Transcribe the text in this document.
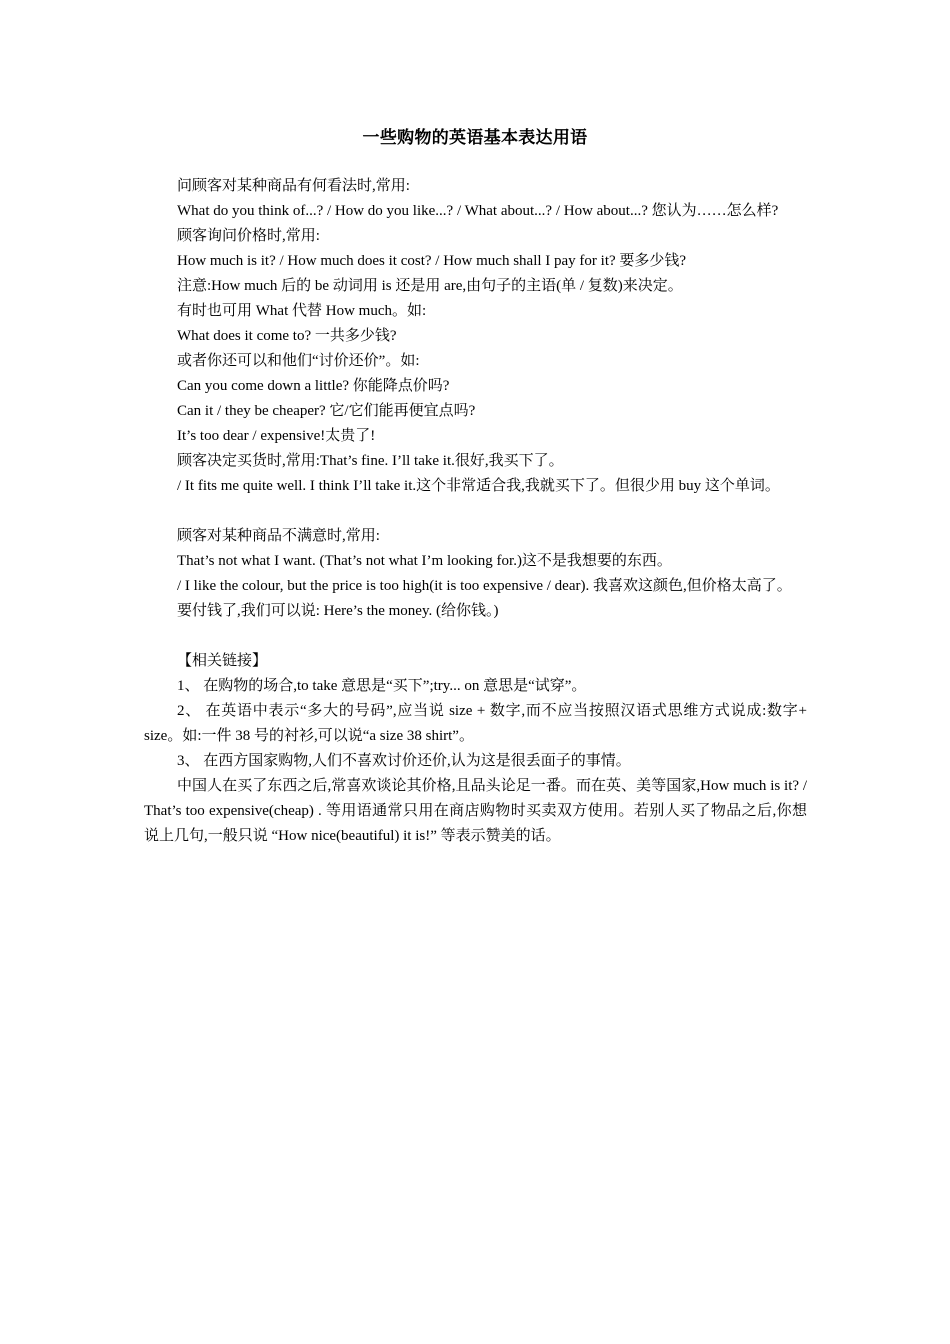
一些购物的英语基本表达用语

问顾客对某种商品有何看法时,常用:

What do you think of...? / How do you like...? / What about...? / How about...? 您认为……怎么样?

顾客询问价格时,常用:

How much is it? / How much does it cost? / How much shall I pay for it? 要多少钱?

注意:How much 后的 be 动词用 is 还是用 are,由句子的主语(单 / 复数)来决定。

有时也可用 What 代替 How much。如:

What does it come to? 一共多少钱?

或者你还可以和他们“讨价还价”。如:

Can you come down a little? 你能降点价吗?

Can it / they be cheaper? 它/它们能再便宜点吗?

It’s too dear / expensive!太贵了!

顾客决定买货时,常用:That’s fine. I’ll take it.很好,我买下了。

/ It fits me quite well. I think I’ll take it.这个非常适合我,我就买下了。但很少用 buy 这个单词。

顾客对某种商品不满意时,常用:

That’s not what I want. (That’s not what I’m looking for.)这不是我想要的东西。

/ I like the colour, but the price is too high(it is too expensive / dear). 我喜欢这颜色,但价格太高了。

要付钱了,我们可以说: Here’s the money. (给你钱。)

【相关链接】

1、 在购物的场合,to take 意思是“买下”;try... on 意思是“试穿”。

2、 在英语中表示“多大的号码”,应当说 size + 数字,而不应当按照汉语式思维方式说成:数字+ size。如:一件 38 号的衬衫,可以说“a size 38 shirt”。

3、 在西方国家购物,人们不喜欢讨价还价,认为这是很丢面子的事情。

中国人在买了东西之后,常喜欢谈论其价格,且品头论足一番。而在英、美等国家,How much is it? / That’s too expensive(cheap) . 等用语通常只用在商店购物时买卖双方使用。若别人买了物品之后,你想说上几句,一般只说 “How nice(beautiful) it is!” 等表示赞美的话。
